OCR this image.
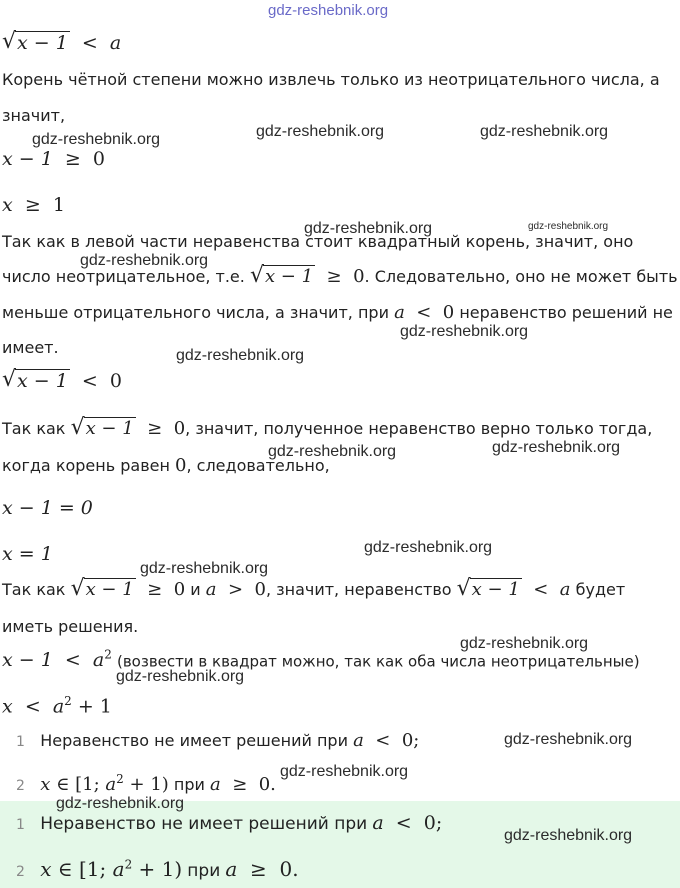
gdz-reshebnik.org
√ x − 1 < a
Корень чётной степени можно извлечь только из неотрицательного числа, а
значит,
gdz-reshebnik.org	gdz-reshebnik.org	gdz-reshebnik.org
x − 1 ≥ 0
x ≥ 1
gdz-reshebnik.org	gdz-reshebnik.org
Так как в левой части неравенства стоит квадратный корень, значит, оно
gdz-reshebnik.org
число неотрицательное, т.е. √ x − 1 ≥ 0. Следовательно, оно не может быть
меньше отрицательного числа, а значит, при a < 0 неравенство решений не
gdz-reshebnik.org
имеет.	gdz-reshebnik.org
√ x − 1 < 0
Так как √ x − 1 ≥ 0, значит, полученное неравенство верно только тогда,
когда корень равен 0, следовательно,
gdz-reshebnik.org	gdz-reshebnik.org
x − 1 = 0
x = 1	gdz-reshebnik.org
gdz-reshebnik.org
Так как √ x − 1 ≥ 0 и a > 0, значит, неравенство √ x − 1 < a будет
иметь решения.
gdz-reshebnik.org
$x - 1 < a^2$ (возвести в квадрат можно, так как оба числа неотрицательные)
gdz-reshebnik.org
$x < a^2 + 1$
1 Неравенство не имеет решений при a < 0;	gdz-reshebnik.org
2 x ∈ [1; $a^2 + 1$) при a ≥ 0.
gdz-reshebnik.org
gdz-reshebnik.org
1 Неравенство не имеет решений при a < 0;
gdz-reshebnik.org
2 x ∈ [1; $a^2 + 1$) при a ≥ 0.
